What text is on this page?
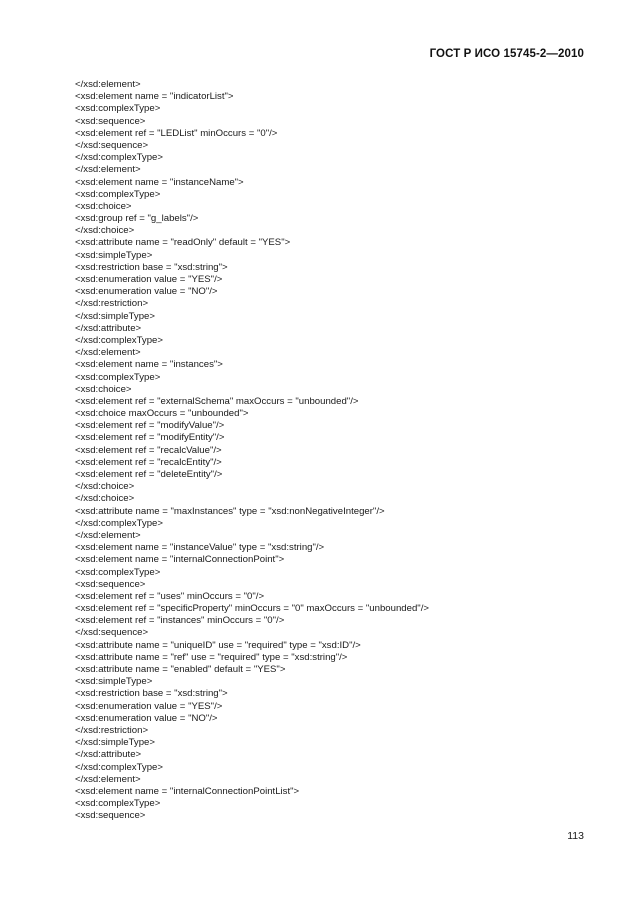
ГОСТ Р ИСО 15745-2—2010
</xsd:element>
<xsd:element name = "indicatorList">
<xsd:complexType>
<xsd:sequence>
<xsd:element ref = "LEDList" minOccurs = "0"/>
</xsd:sequence>
</xsd:complexType>
</xsd:element>
<xsd:element name = "instanceName">
<xsd:complexType>
<xsd:choice>
<xsd:group ref = "g_labels"/>
</xsd:choice>
<xsd:attribute name = "readOnly" default = "YES">
<xsd:simpleType>
<xsd:restriction base = "xsd:string">
<xsd:enumeration value = "YES"/>
<xsd:enumeration value = "NO"/>
</xsd:restriction>
</xsd:simpleType>
</xsd:attribute>
</xsd:complexType>
</xsd:element>
<xsd:element name = "instances">
<xsd:complexType>
<xsd:choice>
<xsd:element ref = "externalSchema" maxOccurs = "unbounded"/>
<xsd:choice maxOccurs = "unbounded">
<xsd:element ref = "modifyValue"/>
<xsd:element ref = "modifyEntity"/>
<xsd:element ref = "recalcValue"/>
<xsd:element ref = "recalcEntity"/>
<xsd:element ref = "deleteEntity"/>
</xsd:choice>
</xsd:choice>
<xsd:attribute name = "maxInstances" type = "xsd:nonNegativeInteger"/>
</xsd:complexType>
</xsd:element>
<xsd:element name = "instanceValue" type = "xsd:string"/>
<xsd:element name = "internalConnectionPoint">
<xsd:complexType>
<xsd:sequence>
<xsd:element ref = "uses" minOccurs = "0"/>
<xsd:element ref = "specificProperty" minOccurs = "0" maxOccurs = "unbounded"/>
<xsd:element ref = "instances" minOccurs = "0"/>
</xsd:sequence>
<xsd:attribute name = "uniqueID" use = "required" type = "xsd:ID"/>
<xsd:attribute name = "ref" use = "required" type = "xsd:string"/>
<xsd:attribute name = "enabled" default = "YES">
<xsd:simpleType>
<xsd:restriction base = "xsd:string">
<xsd:enumeration value = "YES"/>
<xsd:enumeration value = "NO"/>
</xsd:restriction>
</xsd:simpleType>
</xsd:attribute>
</xsd:complexType>
</xsd:element>
<xsd:element name = "internalConnectionPointList">
<xsd:complexType>
<xsd:sequence>
113
